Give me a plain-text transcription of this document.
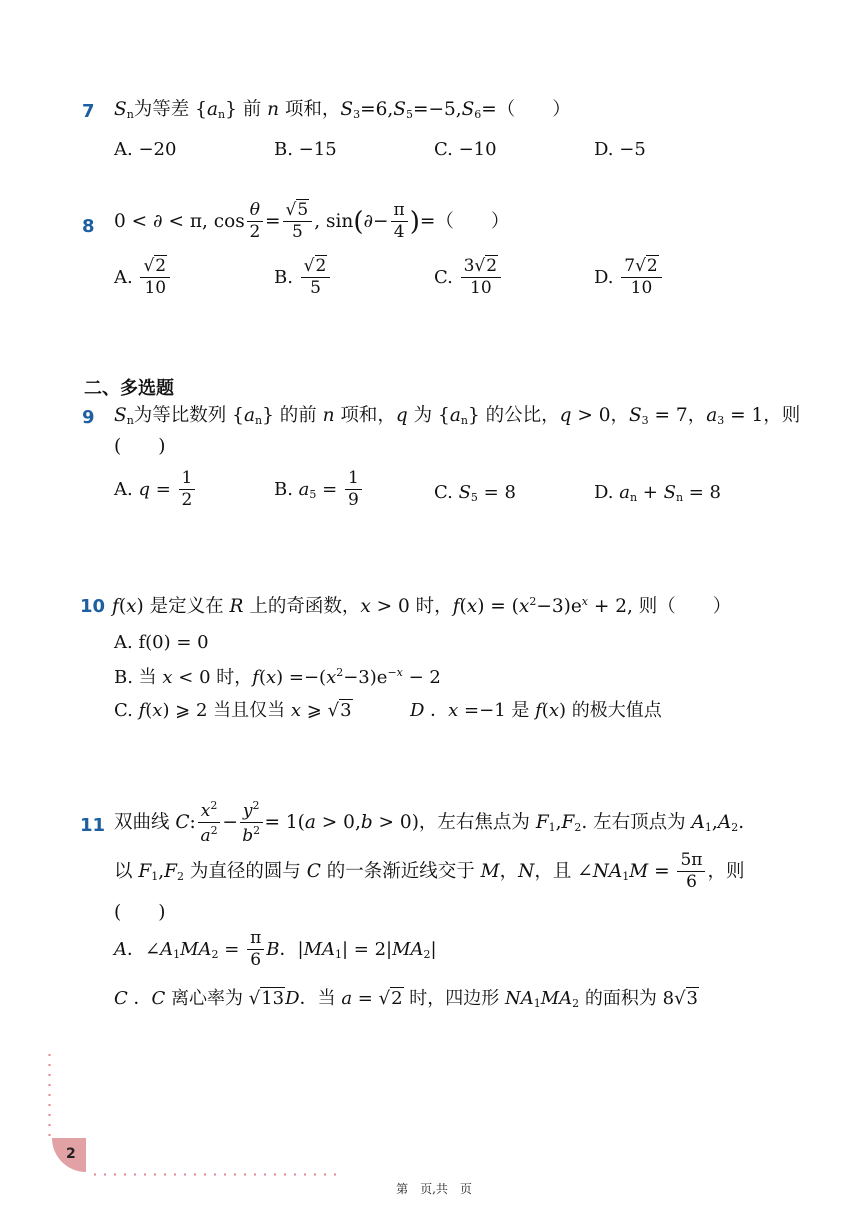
7 $S_n$为等差 $\{a_n\}$ 前 n 项和，$S_3=6,S_5=-5,S_6=$（　　）
A. −20	B. −15	C. −10	D. −5
8 0 < ∂ < π, $\cos \frac{\theta}{2} = \frac{√5}{5}$ , $\sin(\partial- \frac{\pi}{4}$ )=（　　）
A. $\frac{√2}{10}$	B. $\frac{√2}{5}$	C. $\frac{3√2}{10}$	D. $\frac{7√2}{10}$
二、多选题
9 $S_n$为等比数列 $\{a_n\}$ 的前 n 项和，q 为 $\{a_n\}$ 的公比，q > 0，$S_3 = 7$，$a_3 = 1$，则
(　　)
A. $q = \frac{1}{2}$	B. $a_5 = \frac{1}{9}$	C. $S_5 = 8$	D. $a_n + S_n = 8$
10 f(x) 是定义在 R 上的奇函数，x > 0 时，$f(x) = (x^2-3)e^x + 2$, 则（　　）
A. f(0) = 0
B. 当 x < 0 时，$f(x) =-(x^2-3)e^{-x} - 2$
C. f(x) ⩾ 2 当且仅当 x ⩾ √3	D ．x =−1 是 f(x) 的极大值点
11 双曲线 C: $\frac{x^2}{a^2} - \frac{y^2}{b^2} = 1(a > 0,b > 0)$，左右焦点为 $F_1,F_2$. 左右顶点为 $A_1,A_2$.
以 $F_1,F_2$ 为直径的圆与 C 的一条渐近线交于 M，N，且 $\angle NA_1M = \frac{5\pi}{6}$ ，则
(　　)
A．$\angle A_1MA_2 = \frac{\pi}{6}$ B．$|MA_1| = 2|MA_2|$
C ．C 离心率为 √13D．当 a = √2 时，四边形 $NA_1MA_2$ 的面积为 8√3
2
第　页,共　页
